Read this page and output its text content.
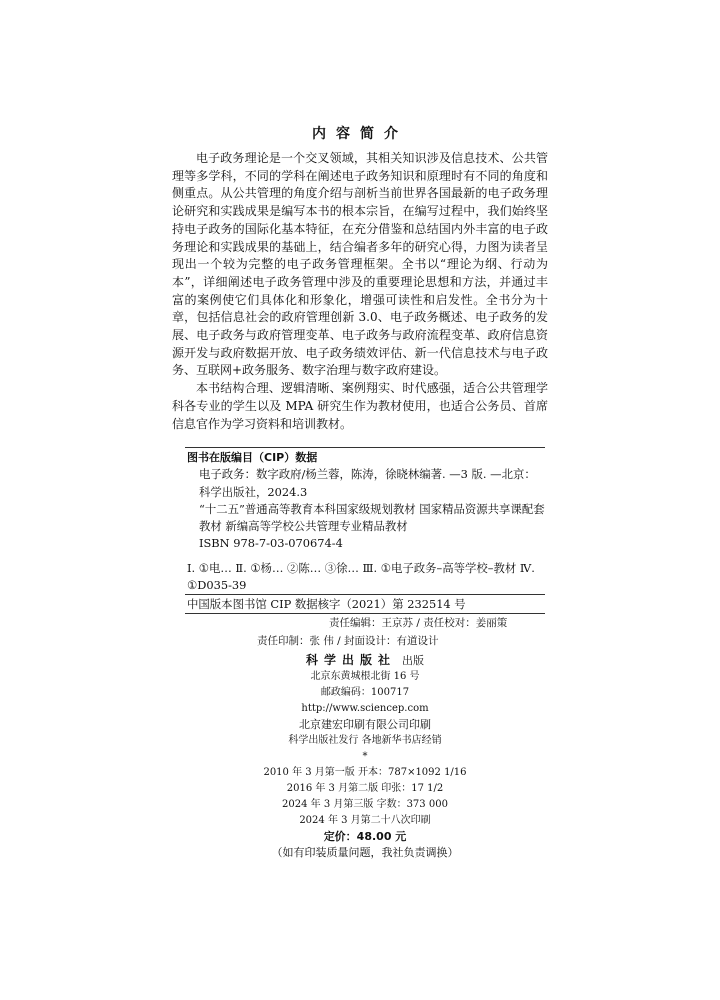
内容简介

电子政务理论是一个交叉领域，其相关知识涉及信息技术、公共管理等多学科，不同的学科在阐述电子政务知识和原理时有不同的角度和侧重点。从公共管理的角度介绍与剖析当前世界各国最新的电子政务理论研究和实践成果是编写本书的根本宗旨，在编写过程中，我们始终坚持电子政务的国际化基本特征，在充分借鉴和总结国内外丰富的电子政务理论和实践成果的基础上，结合编者多年的研究心得，力图为读者呈现出一个较为完整的电子政务管理框架。全书以“理论为纲、行动为本”，详细阐述电子政务管理中涉及的重要理论思想和方法，并通过丰富的案例使它们具体化和形象化，增强可读性和启发性。全书分为十章，包括信息社会的政府管理创新 3.0、电子政务概述、电子政务的发展、电子政务与政府管理变革、电子政务与政府流程变革、政府信息资源开发与政府数据开放、电子政务绩效评估、新一代信息技术与电子政务、互联网+政务服务、数字治理与数字政府建设。

本书结构合理、逻辑清晰、案例翔实、时代感强，适合公共管理学科各专业的学生以及 MPA 研究生作为教材使用，也适合公务员、首席信息官作为学习资料和培训教材。

图书在版编目（CIP）数据
电子政务：数字政府/杨兰蓉，陈涛，徐晓林编著. —3 版. —北京：科学出版社，2024.3
“十二五”普通高等教育本科国家级规划教材 国家精品资源共享课配套教材 新编高等学校公共管理专业精品教材
ISBN 978-7-03-070674-4
Ⅰ. ①电… Ⅱ. ①杨… ②陈… ③徐… Ⅲ. ①电子政务–高等学校–教材 Ⅳ. ①D035-39
中国版本图书馆 CIP 数据核字（2021）第 232514 号
责任编辑：王京苏 / 责任校对：姜丽策
责任印制：张 伟 / 封面设计：有道设计
科学出版社 出版
北京东黄城根北街 16 号
邮政编码：100717
http://www.sciencep.com
北京建宏印刷有限公司印刷
科学出版社发行 各地新华书店经销
*
2010 年 3 月第一版 开本：787×1092 1/16
2016 年 3 月第二版 印张：17 1/2
2024 年 3 月第三版 字数：373 000
2024 年 3 月第二十八次印刷
定价：48.00 元
（如有印装质量问题，我社负责调换）
